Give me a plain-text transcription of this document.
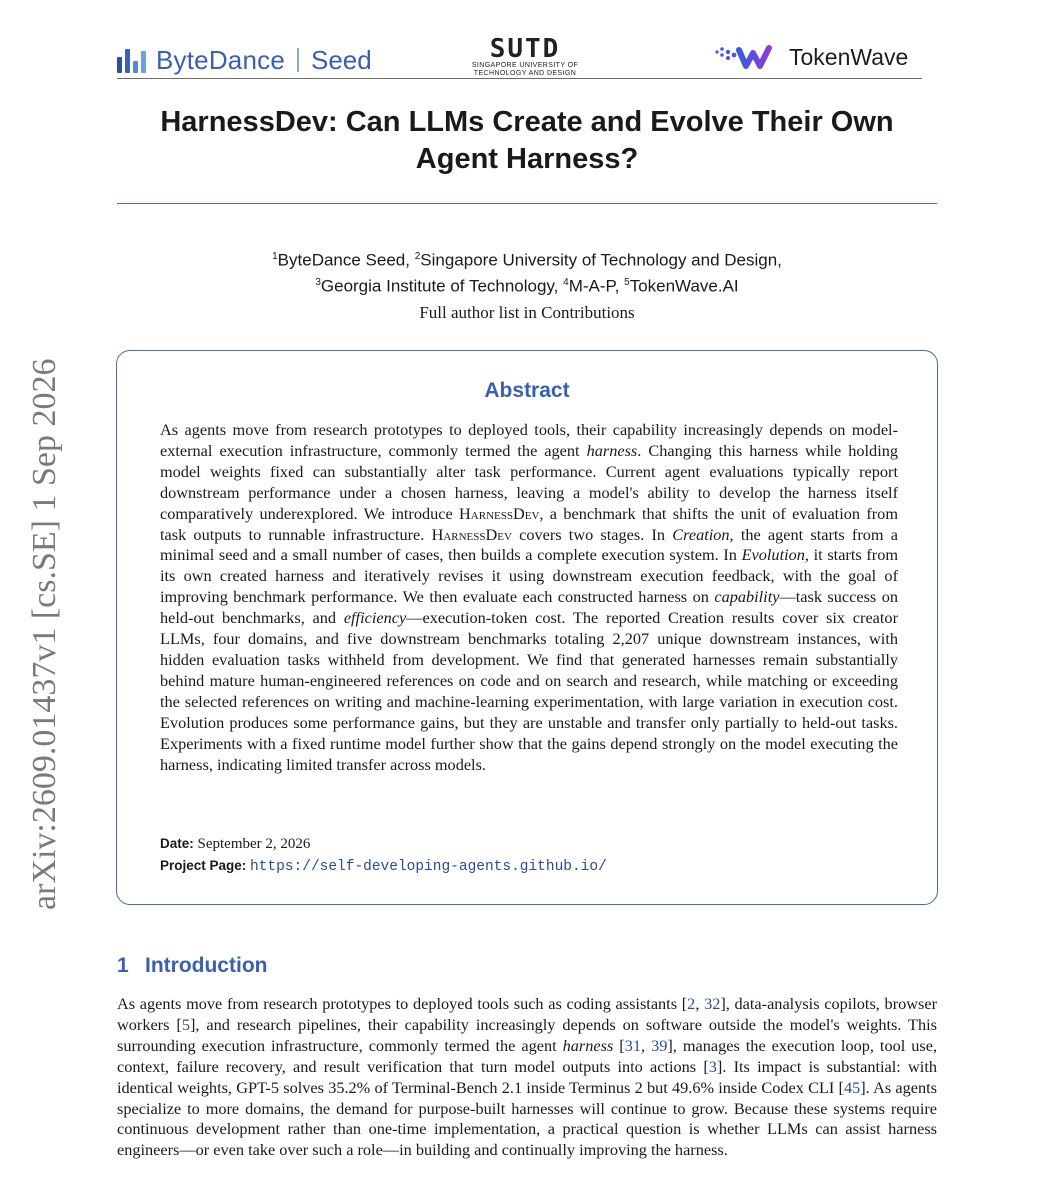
ByteDance Seed	SUTD
SINGAPORE UNIVERSITY OF
TECHNOLOGY AND DESIGN
TokenWave
HarnessDev: Can LLMs Create and Evolve Their Own
Agent Harness?
$^1$ByteDance Seed, $^2$Singapore University of Technology and Design,
$^3$Georgia Institute of Technology, $^4$M-A-P, $^5$TokenWave.AI
Full author list in Contributions
arXiv:2609.01437v1 [cs.SE] 1 Sep 2026	Abstract
As agents move from research prototypes to deployed tools, their capability increasingly depends on model-external execution infrastructure, commonly termed the agent harness. Changing this harness while holding model weights fixed can substantially alter task performance. Current agent evaluations typically report downstream performance under a chosen harness, leaving a model's ability to develop the harness itself comparatively underexplored. We introduce HarnessDev, a benchmark that shifts the unit of evaluation from task outputs to runnable infrastructure. HarnessDev covers two stages. In Creation, the agent starts from a minimal seed and a small number of cases, then builds a complete execution system. In Evolution, it starts from its own created harness and iteratively revises it using downstream execution feedback, with the goal of improving benchmark performance. We then evaluate each constructed harness on capability—task success on held-out benchmarks, and efficiency—execution-token cost. The reported Creation results cover six creator LLMs, four domains, and five downstream benchmarks totaling 2,207 unique downstream instances, with hidden evaluation tasks withheld from development. We find that generated harnesses remain substantially behind mature human-engineered references on code and on search and research, while matching or exceeding the selected references on writing and machine-learning experimentation, with large variation in execution cost. Evolution produces some performance gains, but they are unstable and transfer only partially to held-out tasks. Experiments with a fixed runtime model further show that the gains depend strongly on the model executing the harness, indicating limited transfer across models.
Date: September 2, 2026
Project Page: https://self-developing-agents.github.io/
1 Introduction
As agents move from research prototypes to deployed tools such as coding assistants [2, 32], data-analysis copilots, browser workers [5], and research pipelines, their capability increasingly depends on software outside the model's weights. This surrounding execution infrastructure, commonly termed the agent harness [31, 39], manages the execution loop, tool use, context, failure recovery, and result verification that turn model outputs into actions [3]. Its impact is substantial: with identical weights, GPT-5 solves 35.2% of Terminal-Bench 2.1 inside Terminus 2 but 49.6% inside Codex CLI [45]. As agents specialize to more domains, the demand for purpose-built harnesses will continue to grow. Because these systems require continuous development rather than one-time implementation, a practical question is whether LLMs can assist harness engineers—or even take over such a role—in building and continually improving the harness.
